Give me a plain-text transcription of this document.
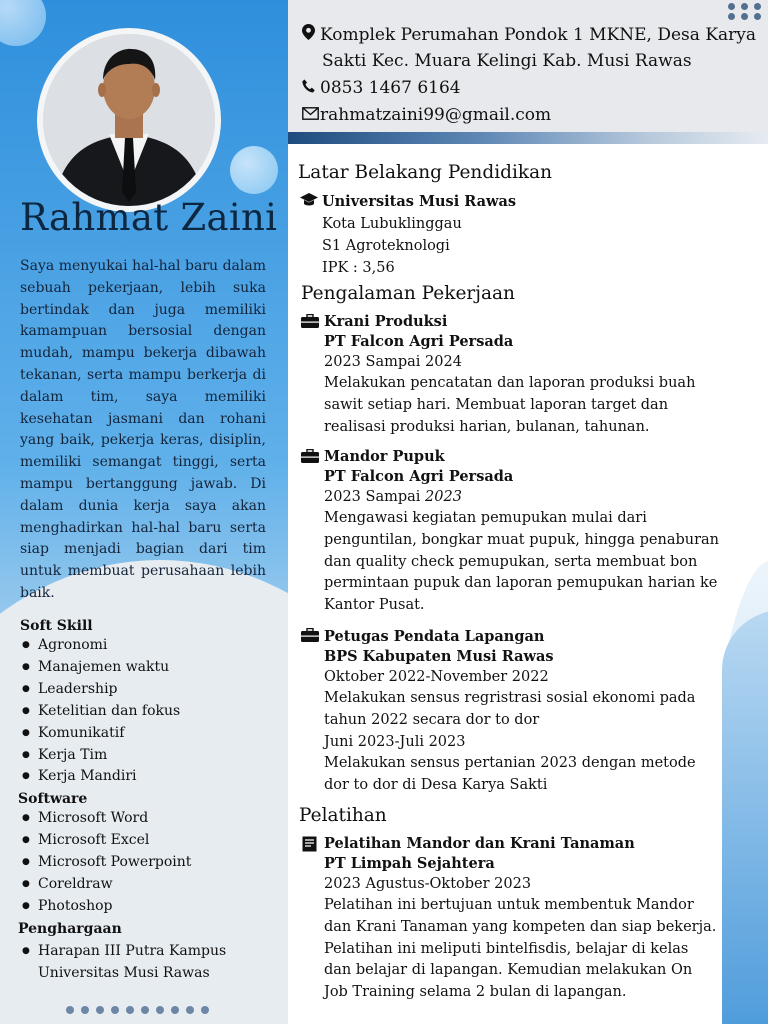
Rahmat Zaini
Saya menyukai hal-hal baru dalam sebuah pekerjaan, lebih suka bertindak dan juga memiliki kamampuan bersosial dengan mudah, mampu bekerja dibawah tekanan, serta mampu berkerja di dalam tim, saya memiliki kesehatan jasmani dan rohani yang baik, pekerja keras, disiplin, memiliki semangat tinggi, serta mampu bertanggung jawab. Di dalam dunia kerja saya akan menghadirkan hal-hal baru serta siap menjadi bagian dari tim untuk membuat perusahaan lebih baik.
Soft Skill
● Agronomi
● Manajemen waktu
● Leadership
● Ketelitian dan fokus
● Komunikatif
● Kerja Tim
● Kerja Mandiri
Software
● Microsoft Word
● Microsoft Excel
● Microsoft Powerpoint
● Coreldraw
● Photoshop
Penghargaan
● Harapan III Putra Kampus
Universitas Musi Rawas
Komplek Perumahan Pondok 1 MKNE, Desa Karya
Sakti Kec. Muara Kelingi Kab. Musi Rawas
0853 1467 6164
rahmatzaini99@gmail.com
Latar Belakang Pendidikan
Universitas Musi Rawas
Kota Lubuklinggau
S1 Agroteknologi
IPK : 3,56
Pengalaman Pekerjaan
Krani Produksi
PT Falcon Agri Persada
2023 Sampai 2024
Melakukan pencatatan dan laporan produksi buah
sawit setiap hari. Membuat laporan target dan
realisasi produksi harian, bulanan, tahunan.
Mandor Pupuk
PT Falcon Agri Persada
2023 Sampai 2023
Mengawasi kegiatan pemupukan mulai dari
penguntilan, bongkar muat pupuk, hingga penaburan
dan quality check pemupukan, serta membuat bon
permintaan pupuk dan laporan pemupukan harian ke
Kantor Pusat.
Petugas Pendata Lapangan
BPS Kabupaten Musi Rawas
Oktober 2022-November 2022
Melakukan sensus regristrasi sosial ekonomi pada
tahun 2022 secara dor to dor
Juni 2023-Juli 2023
Melakukan sensus pertanian 2023 dengan metode
dor to dor di Desa Karya Sakti
Pelatihan
Pelatihan Mandor dan Krani Tanaman
PT Limpah Sejahtera
2023 Agustus-Oktober 2023
Pelatihan ini bertujuan untuk membentuk Mandor
dan Krani Tanaman yang kompeten dan siap bekerja.
Pelatihan ini meliputi bintelfisdis, belajar di kelas
dan belajar di lapangan. Kemudian melakukan On
Job Training selama 2 bulan di lapangan.
